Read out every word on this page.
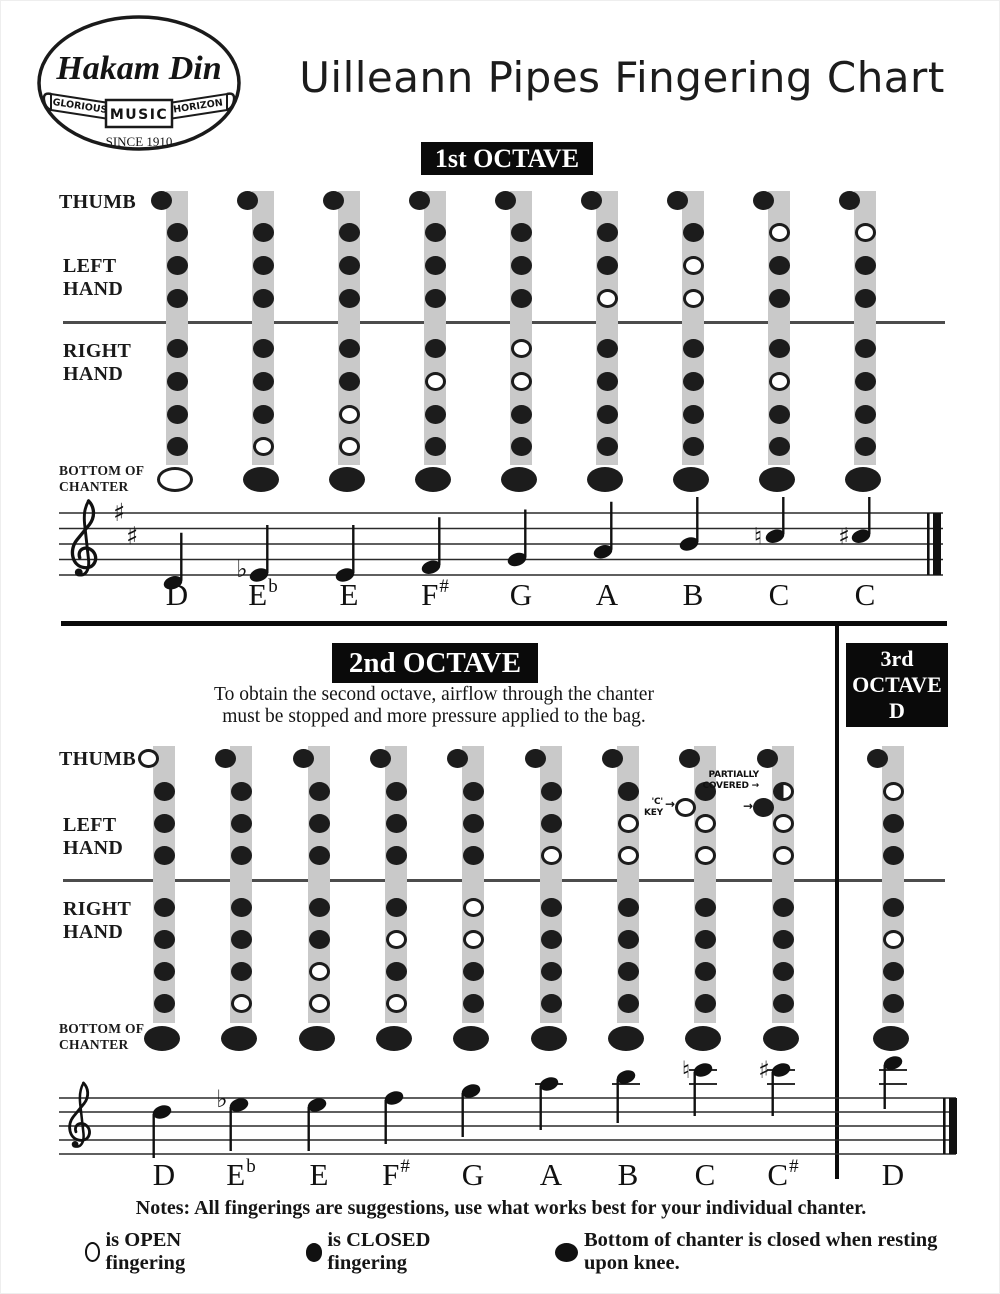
Hakam Din
GLORIOUS MUSIC HORIZON
SINCE 1910
Uilleann Pipes Fingering Chart
1st OCTAVE
2nd OCTAVE	3rd
OCTAVE
D
To obtain the second octave, airflow through the chanter
must be stopped and more pressure applied to the bag.
THUMB
LEFT
HAND
RIGHT
HAND
BOTTOM OF
CHANTER
THUMB
LEFT
HAND
RIGHT
HAND
BOTTOM OF
CHANTER
'C'
KEY
→
PARTIALLY
COVERED →
→
♯
♯
♭
♮	♯
♭
♮	♯
D $E^b$ E F# G A B C C
D $E^b$ E F# G A B C C#	D
Notes: All fingerings are suggestions, use what works best for your individual chanter.
is OPEN fingering
is CLOSED fingering
Bottom of chanter is closed when resting upon knee.
